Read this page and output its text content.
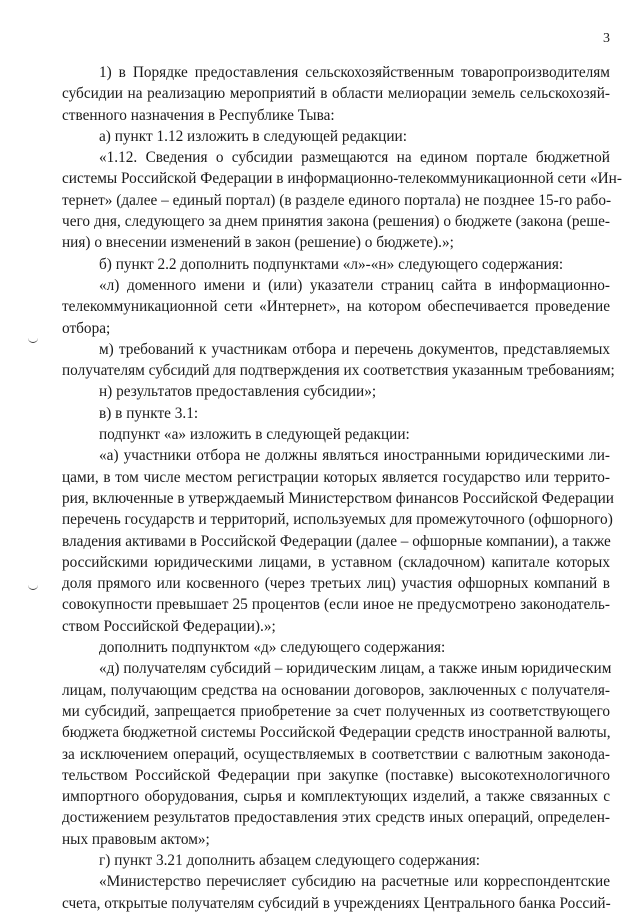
3
1) в Порядке предоставления сельскохозяйственным товаропроизводителям
субсидии на реализацию мероприятий в области мелиорации земель сельскохозяй-
ственного назначения в Республике Тыва:
а) пункт 1.12 изложить в следующей редакции:
«1.12. Сведения о субсидии размещаются на едином портале бюджетной
системы Российской Федерации в информационно-телекоммуникационной сети «Ин-
тернет» (далее – единый портал) (в разделе единого портала) не позднее 15-го рабо-
чего дня, следующего за днем принятия закона (решения) о бюджете (закона (реше-
ния) о внесении изменений в закон (решение) о бюджете).»;
б) пункт 2.2 дополнить подпунктами «л»-«н» следующего содержания:
«л) доменного имени и (или) указатели страниц сайта в информационно-
телекоммуникационной сети «Интернет», на котором обеспечивается проведение
отбора;
м) требований к участникам отбора и перечень документов, представляемых
получателям субсидий для подтверждения их соответствия указанным требованиям;
н) результатов предоставления субсидии»;
в) в пункте 3.1:
подпункт «а» изложить в следующей редакции:
«а) участники отбора не должны являться иностранными юридическими ли-
цами, в том числе местом регистрации которых является государство или террито-
рия, включенные в утверждаемый Министерством финансов Российской Федерации
перечень государств и территорий, используемых для промежуточного (офшорного)
владения активами в Российской Федерации (далее – офшорные компании), а также
российскими юридическими лицами, в уставном (складочном) капитале которых
доля прямого или косвенного (через третьих лиц) участия офшорных компаний в
совокупности превышает 25 процентов (если иное не предусмотрено законодатель-
ством Российской Федерации).»;
дополнить подпунктом «д» следующего содержания:
«д) получателям субсидий – юридическим лицам, а также иным юридическим
лицам, получающим средства на основании договоров, заключенных с получателя-
ми субсидий, запрещается приобретение за счет полученных из соответствующего
бюджета бюджетной системы Российской Федерации средств иностранной валюты,
за исключением операций, осуществляемых в соответствии с валютным законода-
тельством Российской Федерации при закупке (поставке) высокотехнологичного
импортного оборудования, сырья и комплектующих изделий, а также связанных с
достижением результатов предоставления этих средств иных операций, определен-
ных правовым актом»;
г) пункт 3.21 дополнить абзацем следующего содержания:
«Министерство перечисляет субсидию на расчетные или корреспондентские
счета, открытые получателям субсидий в учреждениях Центрального банка Россий-
